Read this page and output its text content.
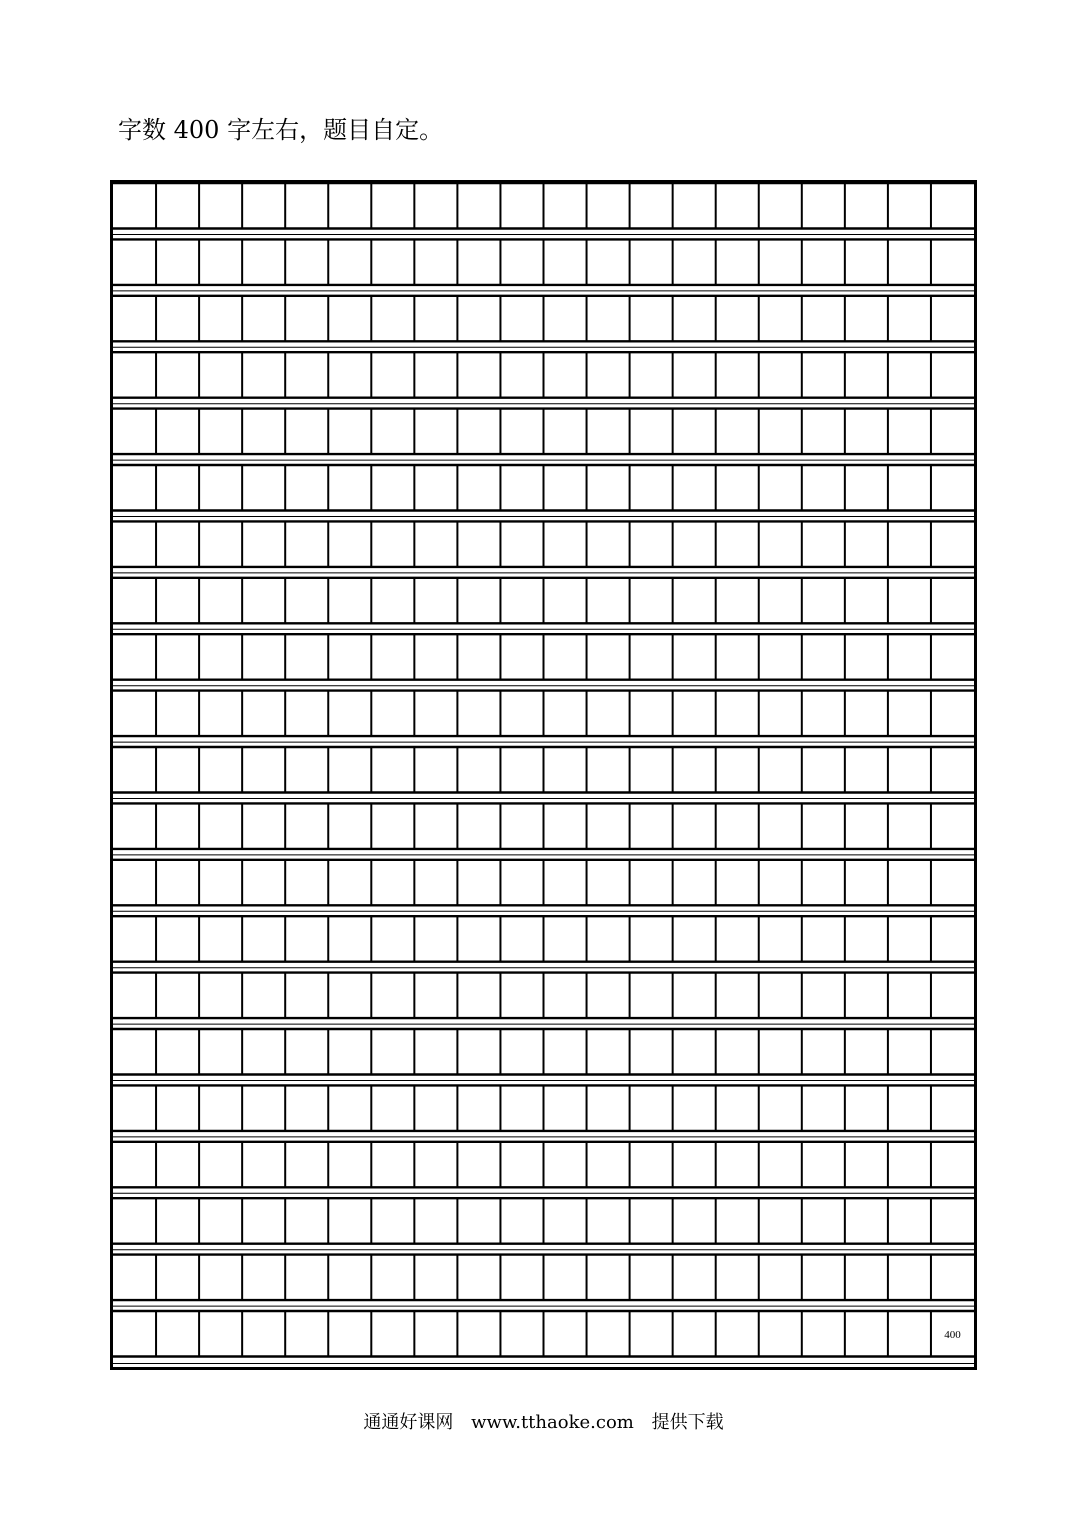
字数 400 字左右，题目自定。
400
通通好课网 www.tthaoke.com 提供下载
